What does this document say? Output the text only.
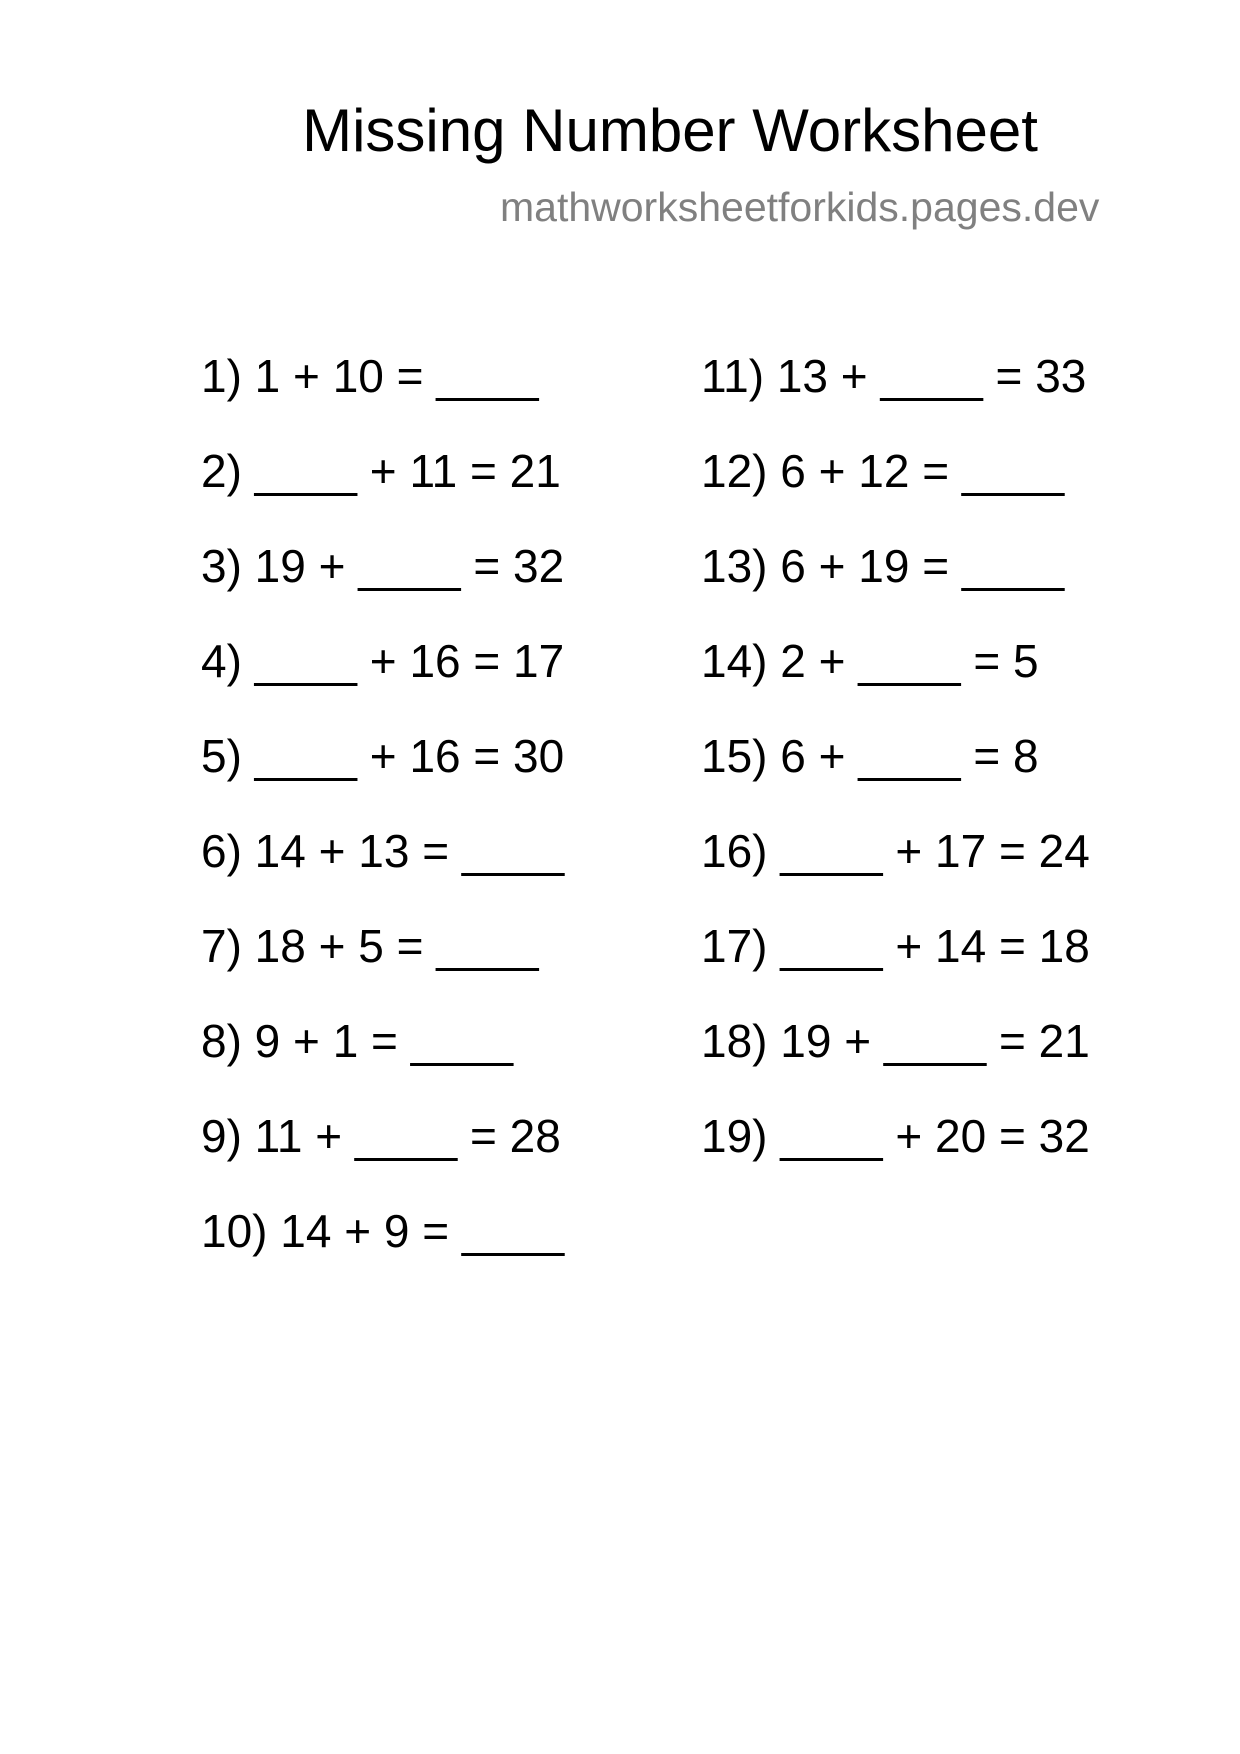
Missing Number Worksheet
mathworksheetforkids.pages.dev
1) 1 + 10 = ____
2) ____ + 11 = 21
3) 19 + ____ = 32
4) ____ + 16 = 17
5) ____ + 16 = 30
6) 14 + 13 = ____
7) 18 + 5 = ____
8) 9 + 1 = ____
9) 11 + ____ = 28
10) 14 + 9 = ____
11) 13 + ____ = 33
12) 6 + 12 = ____
13) 6 + 19 = ____
14) 2 + ____ = 5
15) 6 + ____ = 8
16) ____ + 17 = 24
17) ____ + 14 = 18
18) 19 + ____ = 21
19) ____ + 20 = 32
